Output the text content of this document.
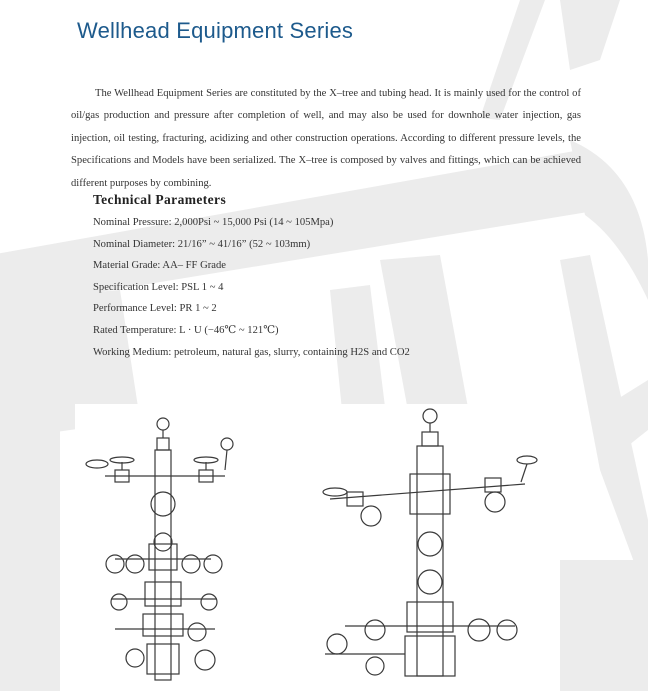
Wellhead Equipment Series

The Wellhead Equipment Series are constituted by the X–tree and tubing head. It is mainly used for the control of oil/gas production and pressure after completion of well, and may also be used for downhole water injection, gas injection, oil testing, fracturing, acidizing and other construction operations. According to different pressure levels, the Specifications and Models have been serialized. The X–tree is composed by valves and fittings, which can be achieved different purposes by combining.

Technical Parameters
Nominal Pressure: 2,000Psi ~ 15,000 Psi (14 ~ 105Mpa)
Nominal Diameter: 21/16” ~ 41/16” (52 ~ 103mm)
Material Grade: AA– FF Grade
Specification Level: PSL 1 ~ 4
Performance Level: PR 1 ~ 2
Rated Temperature: L · U (−46℃ ~ 121℃)
Working Medium: petroleum, natural gas, slurry, containing H2S and CO2
